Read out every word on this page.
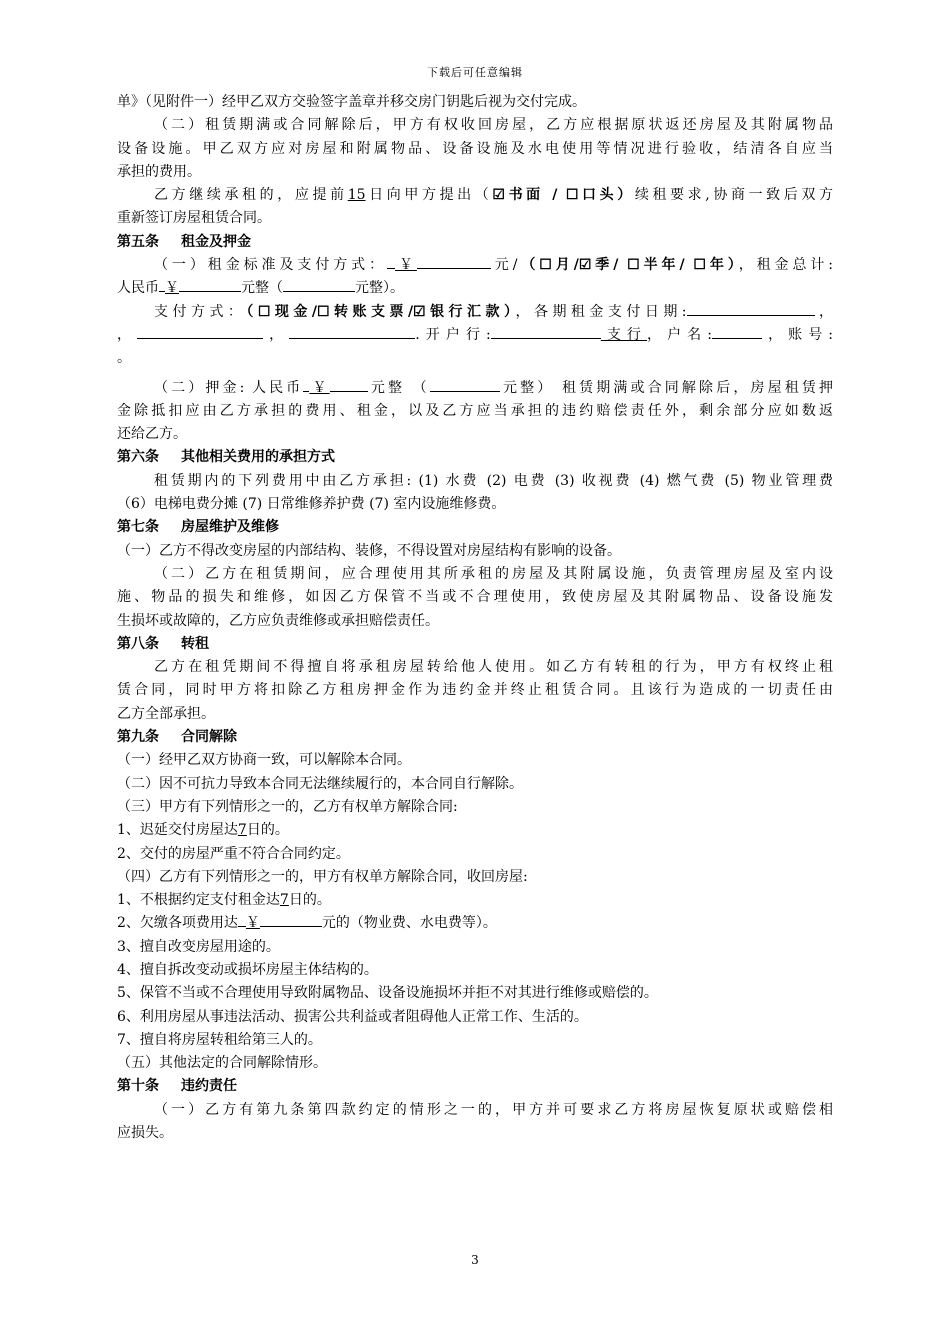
下载后可任意编辑

单》（见附件一）经甲乙双方交验签字盖章并移交房门钥匙后视为交付完成。

（二）租赁期满或合同解除后，甲方有权收回房屋，乙方应根据原状返还房屋及其附属物品

设备设施。甲乙双方应对房屋和附属物品、设备设施及水电使用等情况进行验收，结清各自应当

承担的费用。

乙方继续承租的，应提前15日向甲方提出（☑书面 / ☐口头）续租要求,协商一致后双方

重新签订房屋租赁合同。

第五条 租金及押金

（一）租金标准及支付方式： ￥	元/（☐月/☑季/ ☐半年/ ☐年），租金总计:

人民币 ￥	元整（	元整）。

支付方式：（☐现金/☐转账支票/☑银行汇款），各期租金支付日期:	，

，	，	.开户行:	支行，户名:	，账号:

。

（二）押金: 人民币 ￥	元整 （	元整） 租赁期满或合同解除后，房屋租赁押

金除抵扣应由乙方承担的费用、租金，以及乙方应当承担的违约赔偿责任外，剩余部分应如数返

还给乙方。

第六条 其他相关费用的承担方式

租赁期内的下列费用中由乙方承担: (1) 水费 (2) 电费 (3) 收视费 (4) 燃气费 (5) 物业管理费

（6）电梯电费分摊 (7) 日常维修养护费 (7) 室内设施维修费。

第七条 房屋维护及维修

（一）乙方不得改变房屋的内部结构、装修，不得设置对房屋结构有影响的设备。

（二）乙方在租赁期间，应合理使用其所承租的房屋及其附属设施，负责管理房屋及室内设

施、物品的损失和维修，如因乙方保管不当或不合理使用，致使房屋及其附属物品、设备设施发

生损坏或故障的，乙方应负责维修或承担赔偿责任。

第八条 转租

乙方在租凭期间不得擅自将承租房屋转给他人使用。如乙方有转租的行为，甲方有权终止租

赁合同，同时甲方将扣除乙方租房押金作为违约金并终止租赁合同。且该行为造成的一切责任由

乙方全部承担。

第九条 合同解除

（一）经甲乙双方协商一致，可以解除本合同。

（二）因不可抗力导致本合同无法继续履行的，本合同自行解除。

（三）甲方有下列情形之一的，乙方有权单方解除合同:

1、迟延交付房屋达7日的。

2、交付的房屋严重不符合合同约定。

（四）乙方有下列情形之一的，甲方有权单方解除合同，收回房屋:

1、不根据约定支付租金达7日的。

2、欠缴各项费用达 ￥	元的（物业费、水电费等）。

3、擅自改变房屋用途的。

4、擅自拆改变动或损坏房屋主体结构的。

5、保管不当或不合理使用导致附属物品、设备设施损坏并拒不对其进行维修或赔偿的。

6、利用房屋从事违法活动、损害公共利益或者阻碍他人正常工作、生活的。

7、擅自将房屋转租给第三人的。

（五）其他法定的合同解除情形。

第十条 违约责任

（一）乙方有第九条第四款约定的情形之一的，甲方并可要求乙方将房屋恢复原状或赔偿相

应损失。

3
